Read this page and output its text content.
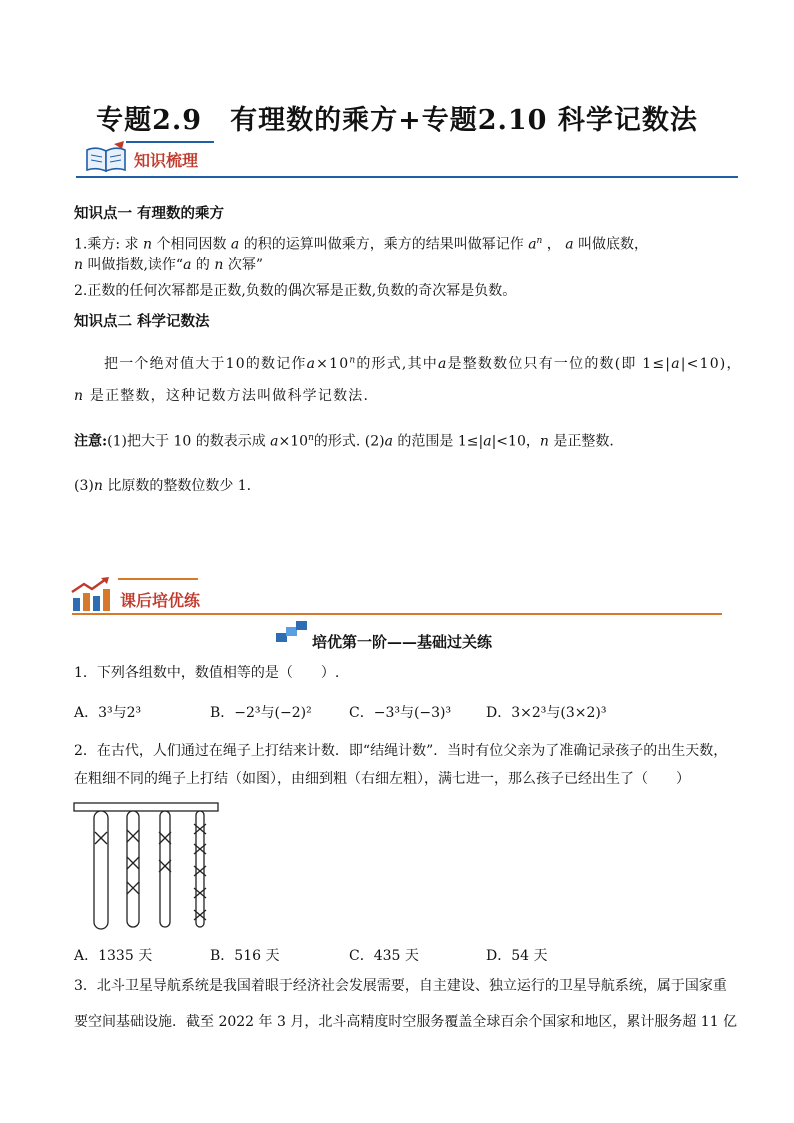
专题2.9　有理数的乘方+专题2.10 科学记数法
知识梳理
知识点一 有理数的乘方
1.乘方: 求 n 个相同因数 a 的积的运算叫做乘方，乘方的结果叫做幂记作 $a^n$ ， a 叫做底数，
n 叫做指数,读作“a 的 n 次幂”
2.正数的任何次幂都是正数,负数的偶次幂是正数,负数的奇次幂是负数。
知识点二 科学记数法
把一个绝对值大于10的数记作$a\times 10^n$的形式,其中a是整数数位只有一位的数(即 1≤|a|<10)，
n 是正整数，这种记数方法叫做科学记数法.
注意:(1)把大于 10 的数表示成 $a\times 10^n$的形式. (2)a 的范围是 1≤|a|<10，n 是正整数.
(3)n 比原数的整数位数少 1.
课后培优练
培优第一阶——基础过关练
1．下列各组数中，数值相等的是（　　）.
A．3³与2³	B．−2³与(−2)²	C．−3³与(−3)³ D．3×2³与(3×2)³
2．在古代，人们通过在绳子上打结来计数．即“结绳计数”．当时有位父亲为了准确记录孩子的出生天数，
在粗细不同的绳子上打结（如图），由细到粗（右细左粗），满七进一，那么孩子已经出生了（　　）
A．1335 天	B．516 天	C．435 天	D．54 天
3．北斗卫星导航系统是我国着眼于经济社会发展需要，自主建设、独立运行的卫星导航系统，属于国家重
要空间基础设施．截至 2022 年 3 月，北斗高精度时空服务覆盖全球百余个国家和地区，累计服务超 11 亿
